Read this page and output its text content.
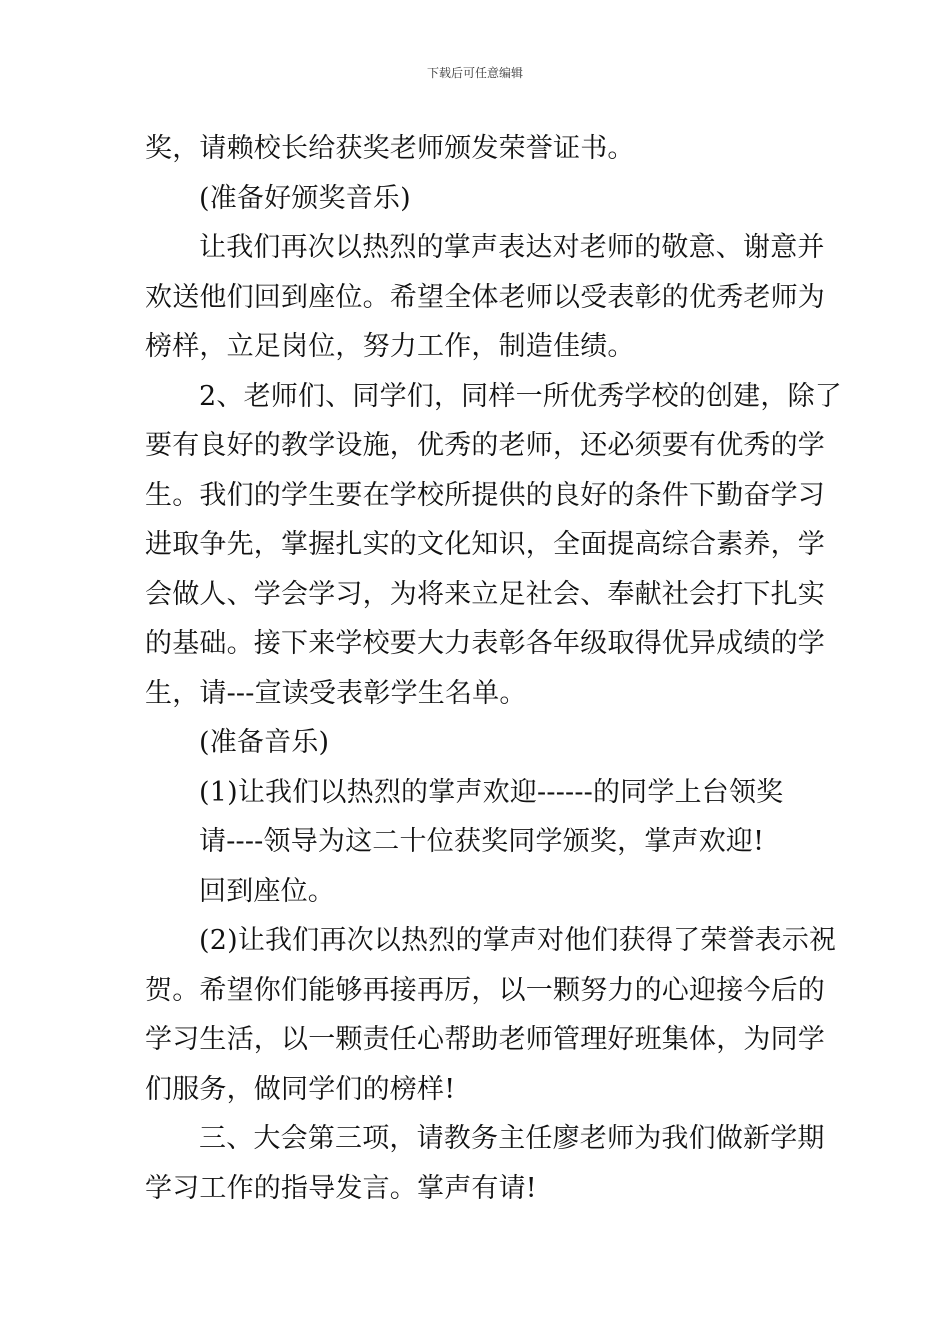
下载后可任意编辑

奖，请赖校长给获奖老师颁发荣誉证书。

(准备好颁奖音乐)

让我们再次以热烈的掌声表达对老师的敬意、谢意并

欢送他们回到座位。希望全体老师以受表彰的优秀老师为

榜样，立足岗位，努力工作，制造佳绩。

2、老师们、同学们，同样一所优秀学校的创建，除了

要有良好的教学设施，优秀的老师，还必须要有优秀的学

生。我们的学生要在学校所提供的良好的条件下勤奋学习

进取争先，掌握扎实的文化知识，全面提高综合素养，学

会做人、学会学习，为将来立足社会、奉献社会打下扎实

的基础。接下来学校要大力表彰各年级取得优异成绩的学

生，请---宣读受表彰学生名单。

(准备音乐)

(1)让我们以热烈的掌声欢迎------的同学上台领奖

请----领导为这二十位获奖同学颁奖，掌声欢迎!

回到座位。

(2)让我们再次以热烈的掌声对他们获得了荣誉表示祝

贺。希望你们能够再接再厉，以一颗努力的心迎接今后的

学习生活，以一颗责任心帮助老师管理好班集体，为同学

们服务，做同学们的榜样!

三、大会第三项，请教务主任廖老师为我们做新学期

学习工作的指导发言。掌声有请!
